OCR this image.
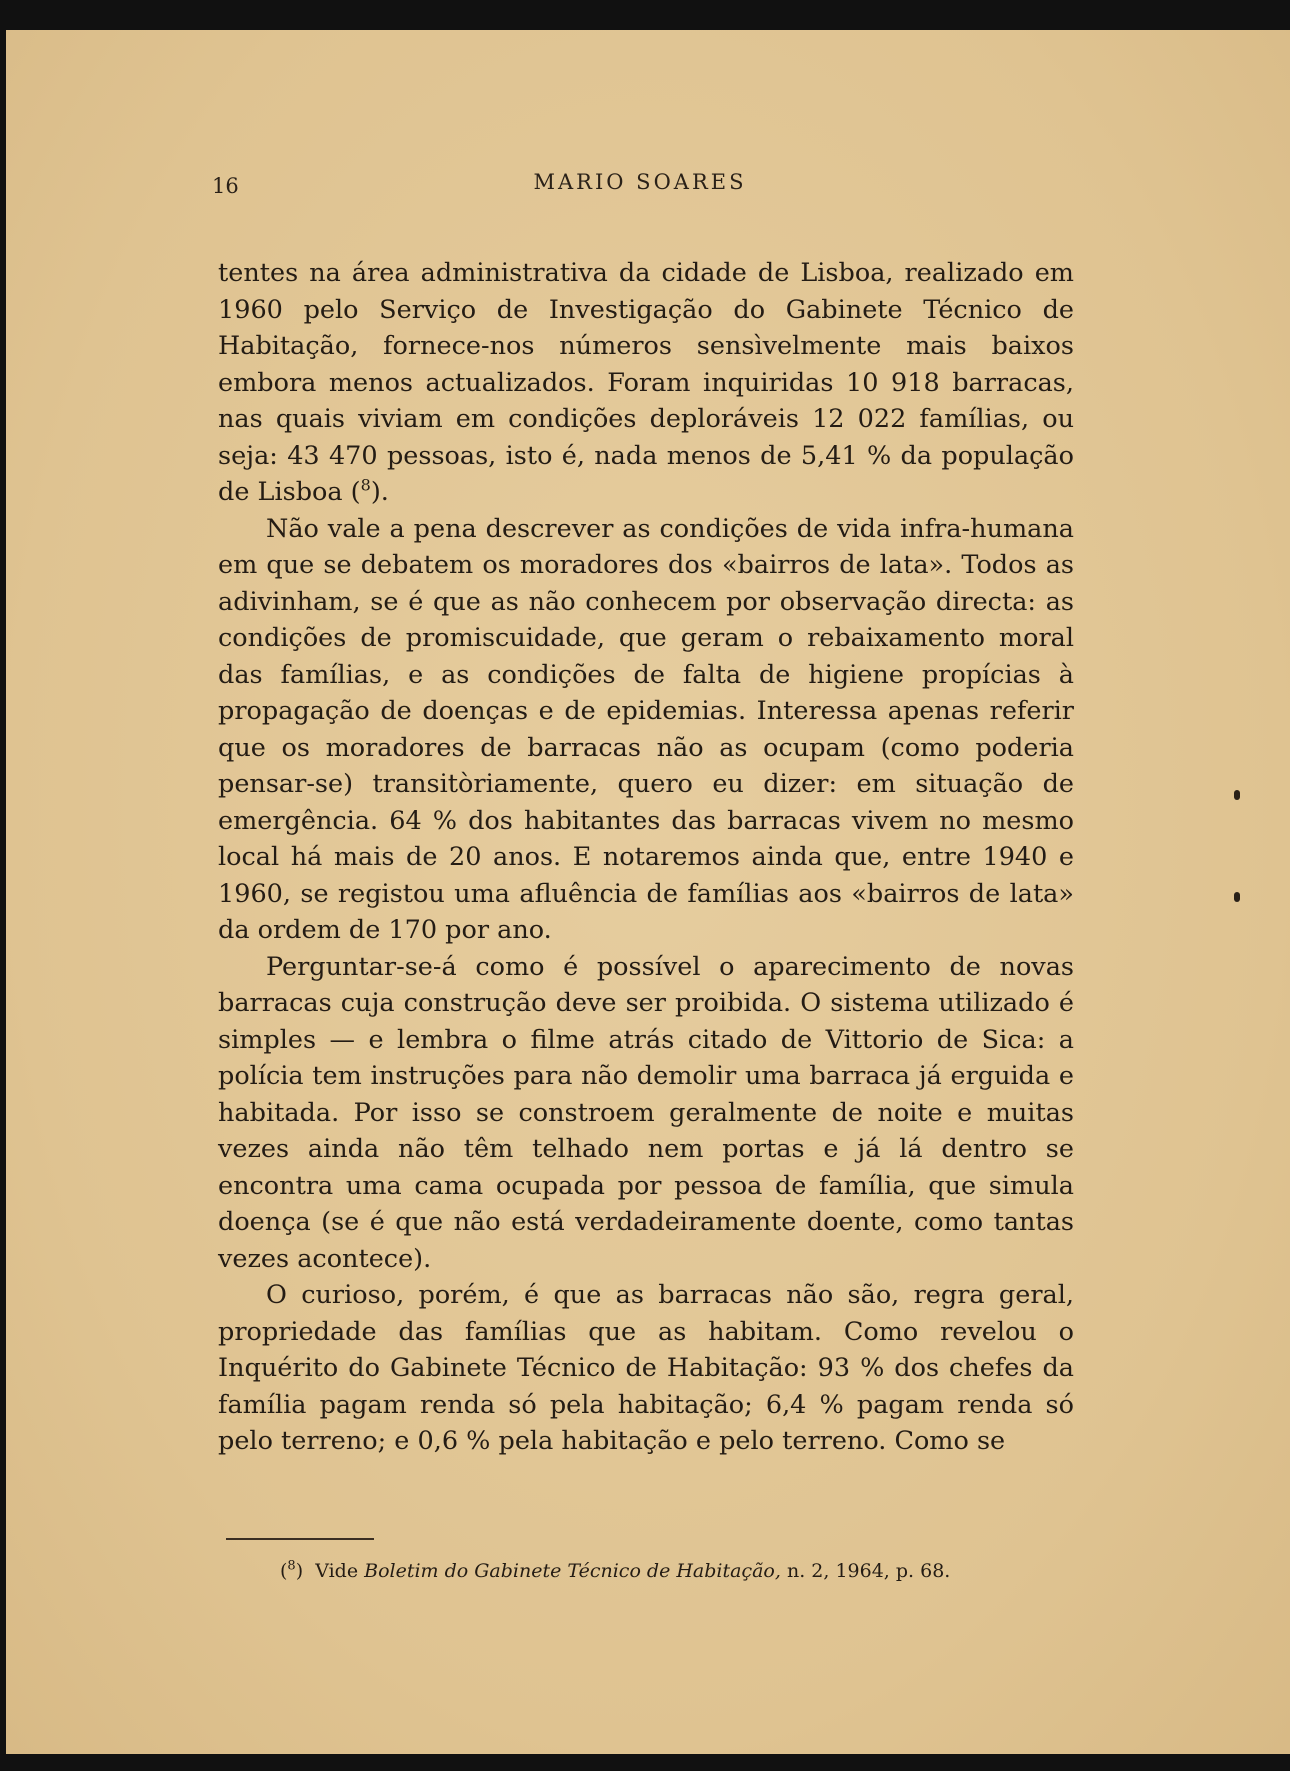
16	MARIO SOARES

tentes na área administrativa da cidade de Lisboa, realizado em 1960 pelo Serviço de Investigação do Gabinete Técnico de Habitação, fornece-nos números sensìvelmente mais baixos embora menos actualizados. Foram inquiridas 10 918 barracas, nas quais viviam em condições deploráveis 12 022 famílias, ou seja: 43 470 pessoas, isto é, nada menos de 5,41 % da população de Lisboa ($^8$).

Não vale a pena descrever as condições de vida infra-humana em que se debatem os moradores dos «bairros de lata». Todos as adivinham, se é que as não conhecem por observação directa: as condições de promiscuidade, que geram o rebaixamento moral das famílias, e as condições de falta de higiene propícias à propagação de doenças e de epidemias. Interessa apenas referir que os moradores de barracas não as ocupam (como poderia pensar-se) transitòriamente, quero eu dizer: em situação de emergência. 64 % dos habitantes das barracas vivem no mesmo local há mais de 20 anos. E notaremos ainda que, entre 1940 e 1960, se registou uma afluência de famílias aos «bairros de lata» da ordem de 170 por ano.

Perguntar-se-á como é possível o aparecimento de novas barracas cuja construção deve ser proibida. O sistema utilizado é simples — e lembra o filme atrás citado de Vittorio de Sica: a polícia tem instruções para não demolir uma barraca já erguida e habitada. Por isso se constroem geralmente de noite e muitas vezes ainda não têm telhado nem portas e já lá dentro se encontra uma cama ocupada por pessoa de família, que simula doença (se é que não está verdadeiramente doente, como tantas vezes acontece).

O curioso, porém, é que as barracas não são, regra geral, propriedade das famílias que as habitam. Como revelou o Inquérito do Gabinete Técnico de Habitação: 93 % dos chefes da família pagam renda só pela habitação; 6,4 % pagam renda só pelo terreno; e 0,6 % pela habitação e pelo terreno. Como se

($^8$)  Vide Boletim do Gabinete Técnico de Habitação, n. 2, 1964, p. 68.
